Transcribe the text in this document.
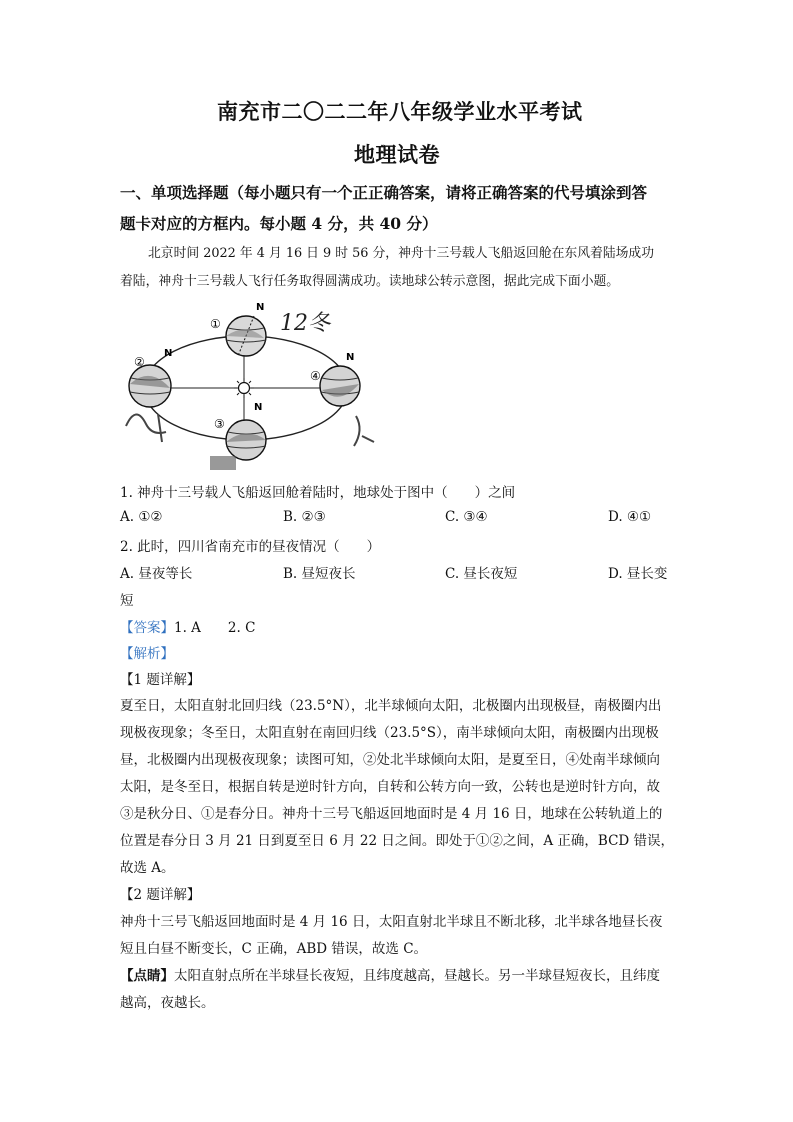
南充市二〇二二年八年级学业水平考试
地理试卷
一、单项选择题（每小题只有一个正正确答案，请将正确答案的代号填涂到答
题卡对应的方框内。每小题 4 分，共 40 分）
北京时间 2022 年 4 月 16 日 9 时 56 分，神舟十三号载人飞船返回舱在东风着陆场成功
着陆，神舟十三号载人飞行任务取得圆满成功。读地球公转示意图，据此完成下面小题。
①
N
②
N
③
N
④
N
12冬
1. 神舟十三号载人飞船返回舱着陆时，地球处于图中（　　）之间
A. ①②	B. ②③	C. ③④	D. ④①
2. 此时，四川省南充市的昼夜情况（　　）
A. 昼夜等长	B. 昼短夜长	C. 昼长夜短	D. 昼长变
短
【答案】1. A　　2. C
【解析】
【1 题详解】
夏至日，太阳直射北回归线（23.5°N），北半球倾向太阳，北极圈内出现极昼，南极圈内出
现极夜现象；冬至日，太阳直射在南回归线（23.5°S），南半球倾向太阳，南极圈内出现极
昼，北极圈内出现极夜现象；读图可知，②处北半球倾向太阳，是夏至日，④处南半球倾向
太阳，是冬至日，根据自转是逆时针方向，自转和公转方向一致，公转也是逆时针方向，故
③是秋分日、①是春分日。神舟十三号飞船返回地面时是 4 月 16 日，地球在公转轨道上的
位置是春分日 3 月 21 日到夏至日 6 月 22 日之间。即处于①②之间，A 正确，BCD 错误，
故选 A。
【2 题详解】
神舟十三号飞船返回地面时是 4 月 16 日，太阳直射北半球且不断北移，北半球各地昼长夜
短且白昼不断变长，C 正确，ABD 错误，故选 C。
【点睛】太阳直射点所在半球昼长夜短，且纬度越高，昼越长。另一半球昼短夜长，且纬度
越高，夜越长。
